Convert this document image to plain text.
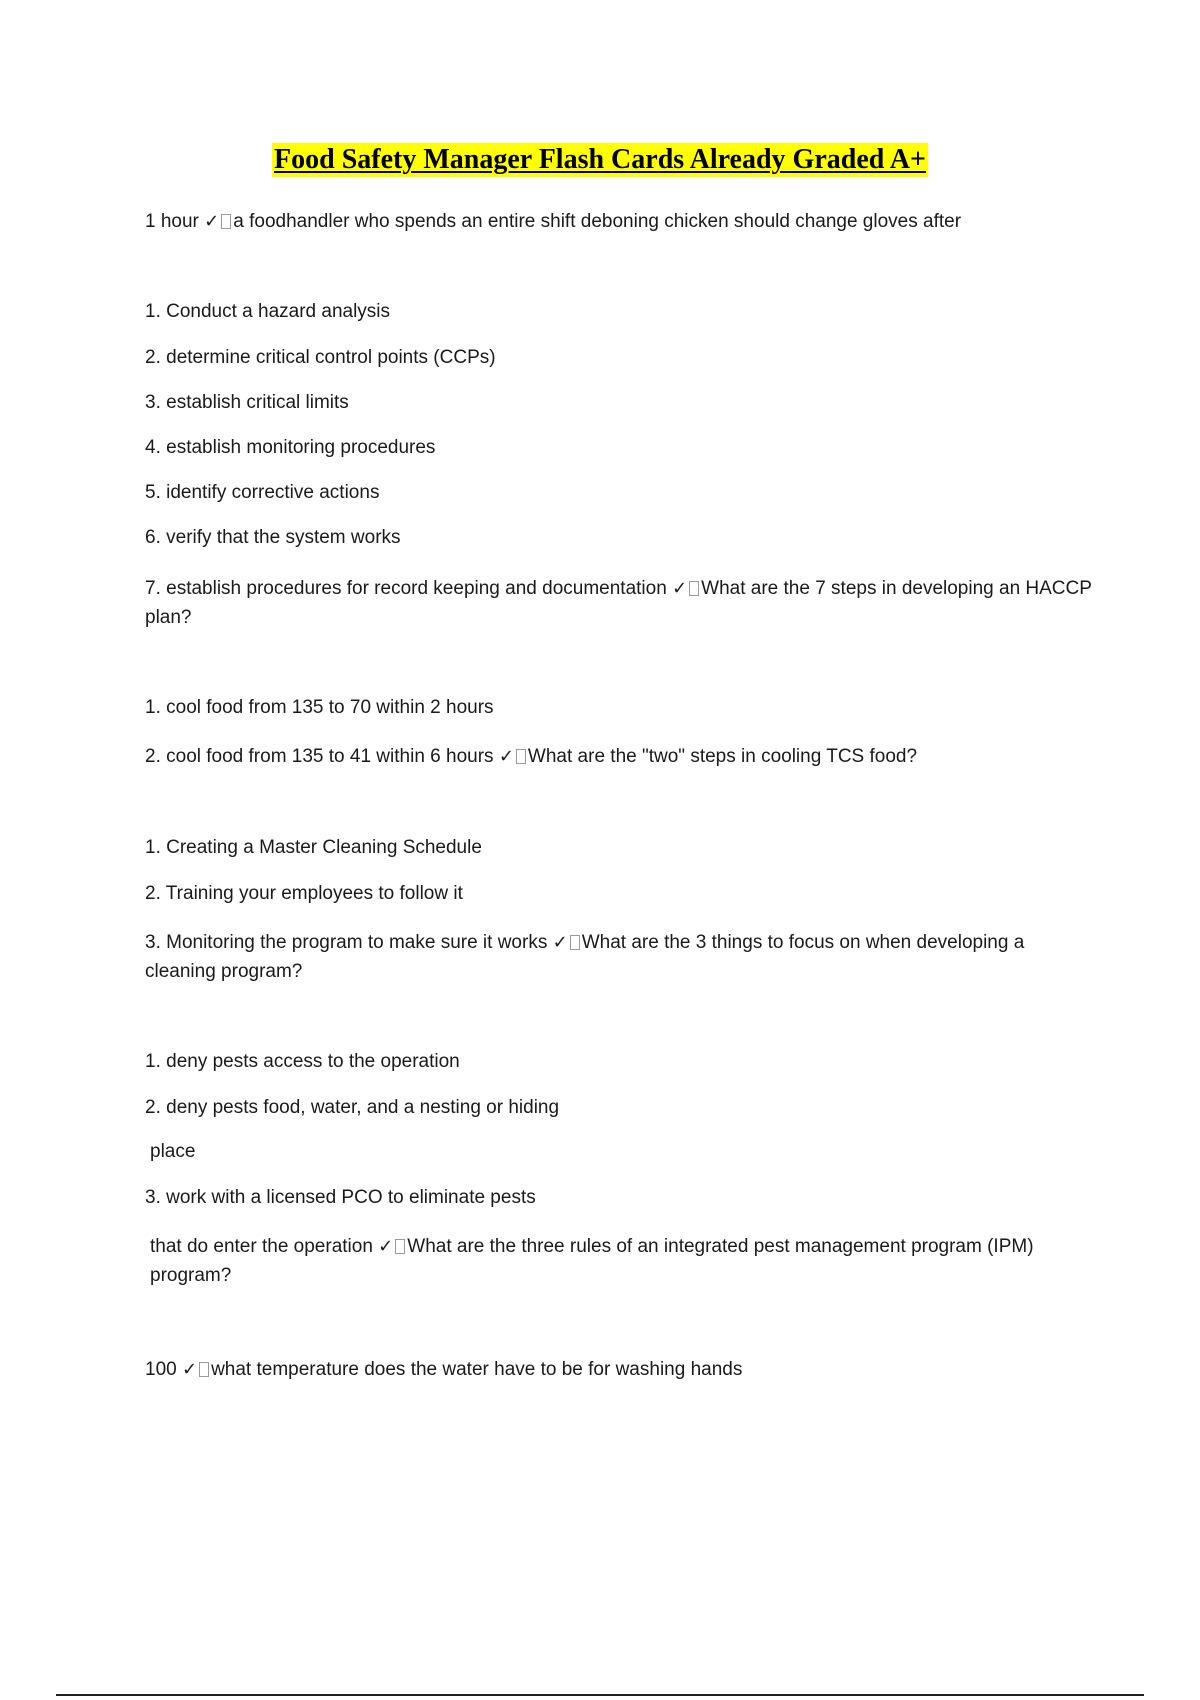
Food Safety Manager Flash Cards Already Graded A+
1 hour ✓ a foodhandler who spends an entire shift deboning chicken should change gloves after
1. Conduct a hazard analysis
2. determine critical control points (CCPs)
3. establish critical limits
4. establish monitoring procedures
5. identify corrective actions
6. verify that the system works
7. establish procedures for record keeping and documentation ✓ What are the 7 steps in developing an HACCP plan?
1. cool food from 135 to 70 within 2 hours
2. cool food from 135 to 41 within 6 hours ✓ What are the "two" steps in cooling TCS food?
1. Creating a Master Cleaning Schedule
2. Training your employees to follow it
3. Monitoring the program to make sure it works ✓ What are the 3 things to focus on when developing a cleaning program?
1. deny pests access to the operation
2. deny pests food, water, and a nesting or hiding
place
3. work with a licensed PCO to eliminate pests
that do enter the operation ✓ What are the three rules of an integrated pest management program (IPM) program?
100 ✓ what temperature does the water have to be for washing hands
